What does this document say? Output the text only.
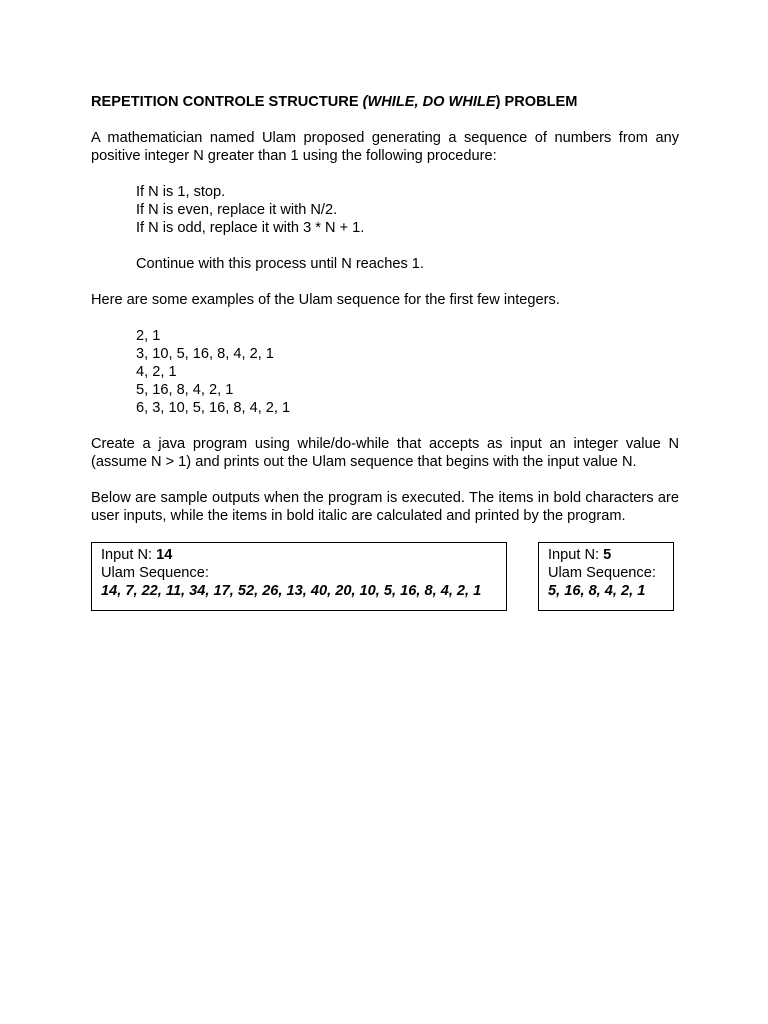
REPETITION CONTROLE STRUCTURE (WHILE, DO WHILE) PROBLEM

A mathematician named Ulam proposed generating a sequence of numbers from any positive integer N greater than 1 using the following procedure:

If N is 1, stop.
If N is even, replace it with N/2.
If N is odd, replace it with 3 * N + 1.
Continue with this process until N reaches 1.

Here are some examples of the Ulam sequence for the first few integers.

2, 1
3, 10, 5, 16, 8, 4, 2, 1
4, 2, 1
5, 16, 8, 4, 2, 1
6, 3, 10, 5, 16, 8, 4, 2, 1

Create a java program using while/do-while that accepts as input an integer value N (assume N > 1) and prints out the Ulam sequence that begins with the input value N.

Below are sample outputs when the program is executed. The items in bold characters are user inputs, while the items in bold italic are calculated and printed by the program.

Input N: 14
Ulam Sequence:
14, 7, 22, 11, 34, 17, 52, 26, 13, 40, 20, 10, 5, 16, 8, 4, 2, 1
Input N: 5
Ulam Sequence:
5, 16, 8, 4, 2, 1
